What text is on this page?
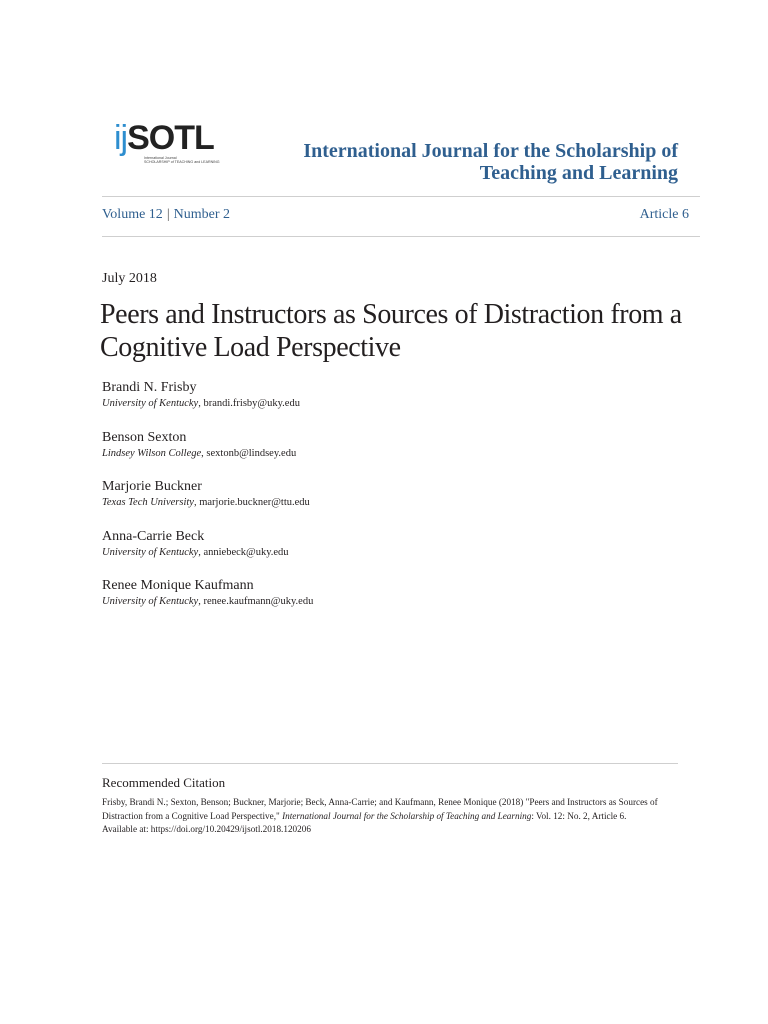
ijSOTL
International Journal
SCHOLARSHIP of TEACHING and LEARNING	International Journal for the Scholarship of Teaching and Learning
Volume 12 | Number 2	Article 6
July 2018
Peers and Instructors as Sources of Distraction from a Cognitive Load Perspective
Brandi N. Frisby
University of Kentucky, brandi.frisby@uky.edu
Benson Sexton
Lindsey Wilson College, sextonb@lindsey.edu
Marjorie Buckner
Texas Tech University, marjorie.buckner@ttu.edu
Anna-Carrie Beck
University of Kentucky, anniebeck@uky.edu
Renee Monique Kaufmann
University of Kentucky, renee.kaufmann@uky.edu
Recommended Citation
Frisby, Brandi N.; Sexton, Benson; Buckner, Marjorie; Beck, Anna-Carrie; and Kaufmann, Renee Monique (2018) "Peers and Instructors as Sources of Distraction from a Cognitive Load Perspective," International Journal for the Scholarship of Teaching and Learning: Vol. 12: No. 2, Article 6.
Available at: https://doi.org/10.20429/ijsotl.2018.120206
